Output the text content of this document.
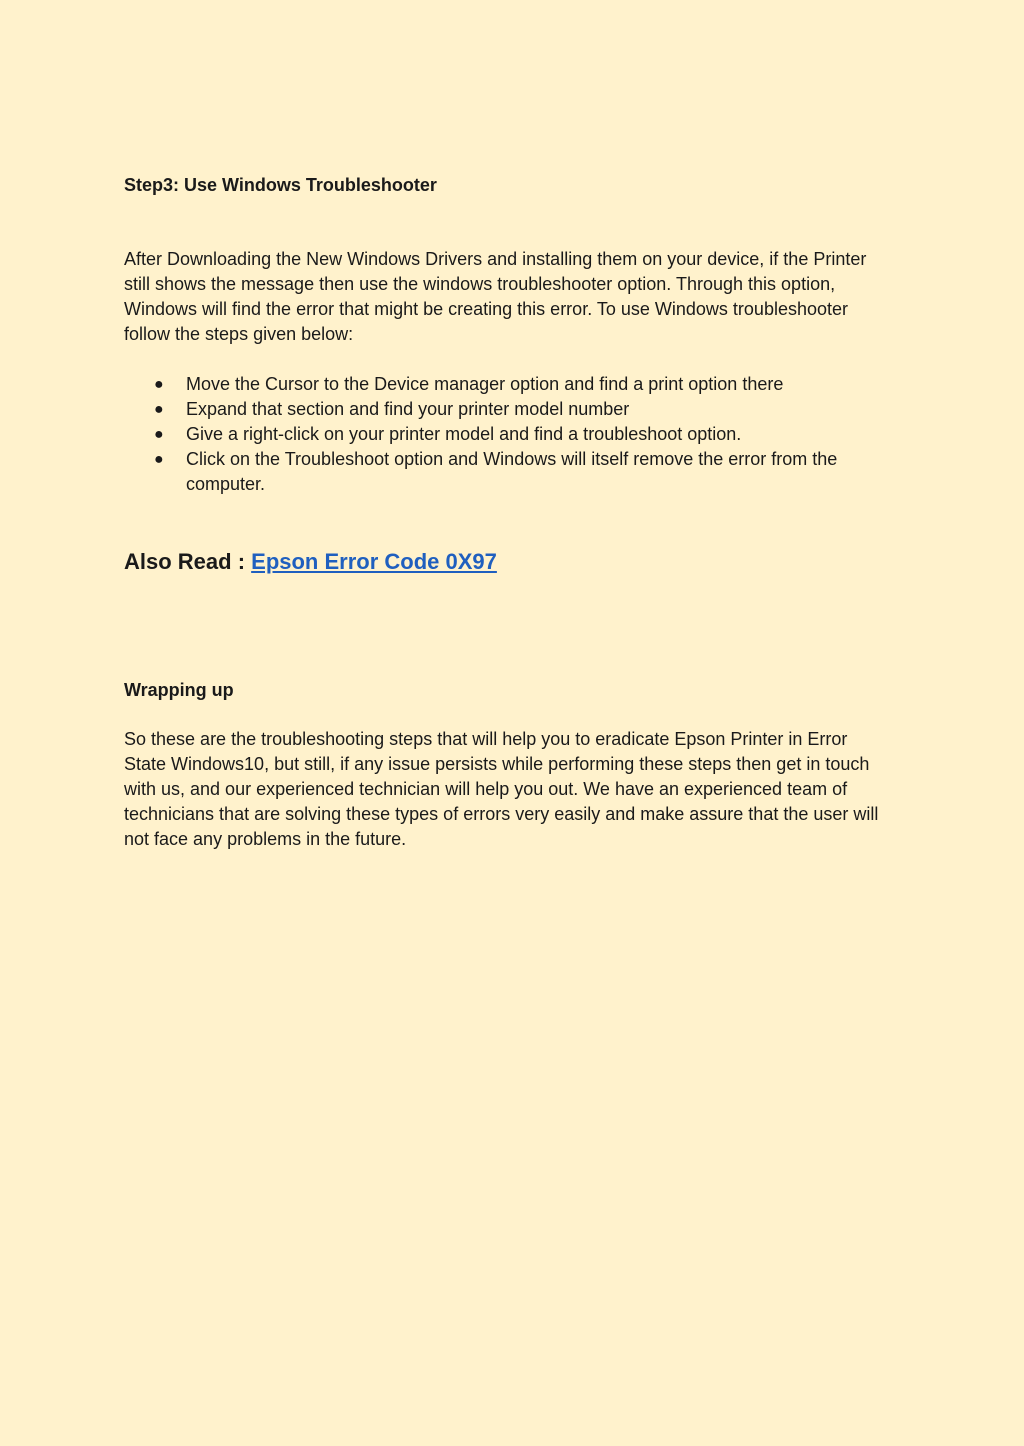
Step3: Use Windows Troubleshooter

After Downloading the New Windows Drivers and installing them on your device, if the Printer still shows the message then use the windows troubleshooter option. Through this option, Windows will find the error that might be creating this error. To use Windows troubleshooter follow the steps given below:

● Move the Cursor to the Device manager option and find a print option there
● Expand that section and find your printer model number
● Give a right-click on your printer model and find a troubleshoot option.
● Click on the Troubleshoot option and Windows will itself remove the error from the computer.
Also Read : Epson Error Code 0X97
Wrapping up

So these are the troubleshooting steps that will help you to eradicate Epson Printer in Error State Windows10, but still, if any issue persists while performing these steps then get in touch with us, and our experienced technician will help you out. We have an experienced team of technicians that are solving these types of errors very easily and make assure that the user will not face any problems in the future.
